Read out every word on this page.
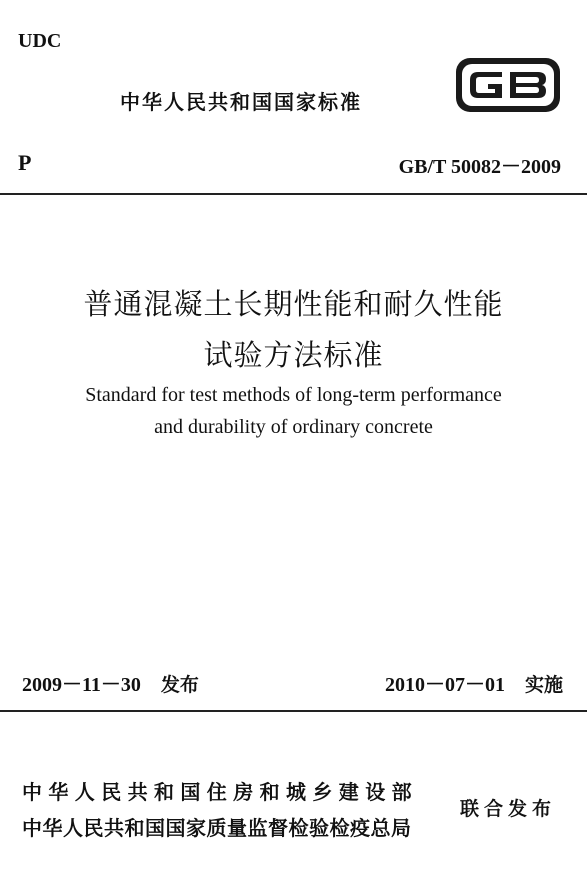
UDC
中华人民共和国国家标准
P	GB/T 50082－2009
普通混凝土长期性能和耐久性能
试验方法标准
Standard for test methods of long-term performance
and durability of ordinary concrete
2009－11－30 发布	2010－07－01 实施
中华人民共和国住房和城乡建设部
中华人民共和国国家质量监督检验检疫总局
联合发布
